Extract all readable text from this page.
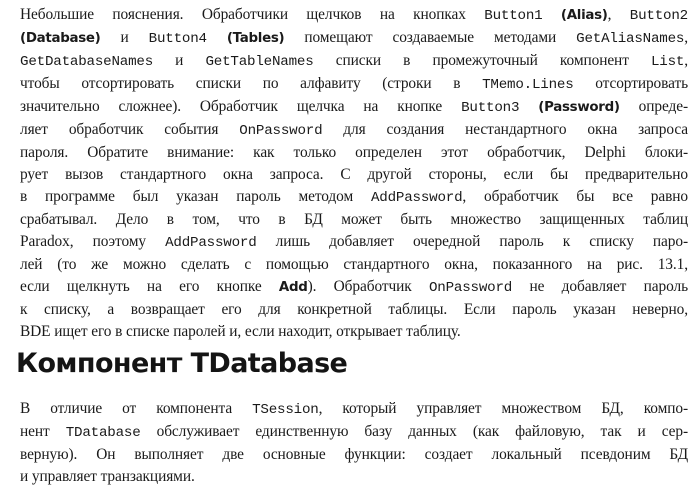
Небольшие пояснения. Обработчики щелчков на кнопках Button1 (Alias), Button2
(Database) и Button4 (Tables) помещают создаваемые методами GetAliasNames,
GetDatabaseNames и GetTableNames списки в промежуточный компонент List,
чтобы отсортировать списки по алфавиту (строки в TMemo.Lines отсортировать
значительно сложнее). Обработчик щелчка на кнопке Button3 (Password) опреде-
ляет обработчик события OnPassword для создания нестандартного окна запроса
пароля. Обратите внимание: как только определен этот обработчик, Delphi блоки-
рует вызов стандартного окна запроса. С другой стороны, если бы предварительно
в программе был указан пароль методом AddPassword, обработчик бы все равно
срабатывал. Дело в том, что в БД может быть множество защищенных таблиц
Paradox, поэтому AddPassword лишь добавляет очередной пароль к списку паро-
лей (то же можно сделать с помощью стандартного окна, показанного на рис. 13.1,
если щелкнуть на его кнопке Add). Обработчик OnPassword не добавляет пароль
к списку, а возвращает его для конкретной таблицы. Если пароль указан неверно,
BDE ищет его в списке паролей и, если находит, открывает таблицу.

Компонент TDatabase

В отличие от компонента TSession, который управляет множеством БД, компо-
нент TDatabase обслуживает единственную базу данных (как файловую, так и сер-
верную). Он выполняет две основные функции: создает локальный псевдоним БД
и управляет транзакциями.
